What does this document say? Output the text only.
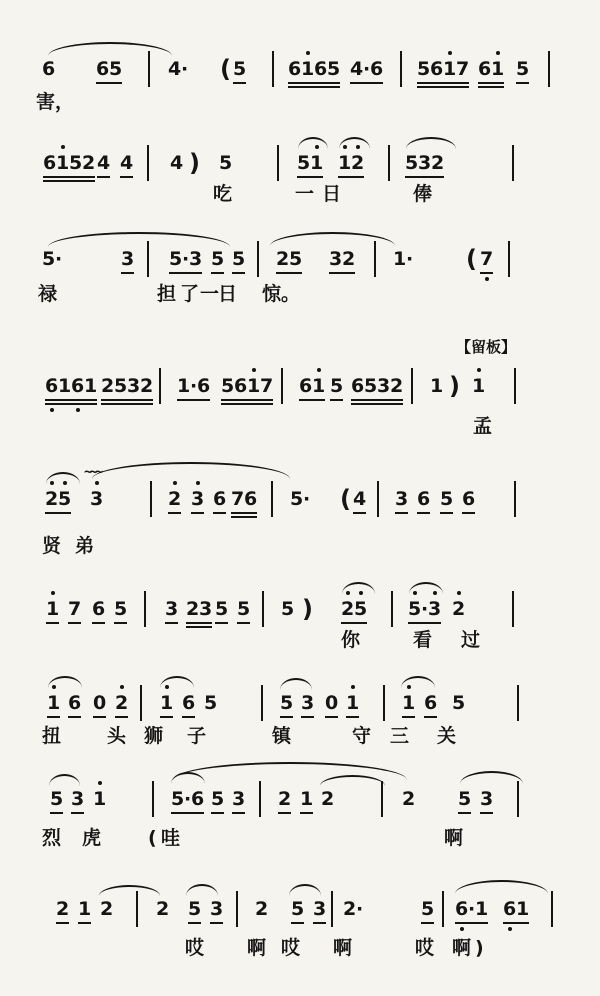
【留板】
6 6 5 4 · ( 5 6 1 6 5 4 · 6 5 6 1 7 6 1 5
害，
6 1 5 2 4 4 4 ) 5	5 1 1 2 5 3 2
吃	一 日	俸
5 ·	3 5 · 3 5 5 2 5 3 2 1 · ( 7
禄	担 了 一
日 惊。
6 1 6 1 2 5 3 2 1 · 6 5 6 1 7 6 1 5 6 5 3 2 1 ) 1
孟
2 5 3	2 3 6 7 6 5 · ( 4 3 6 5 6
贤 弟
~~~
1 7 6 5 3 2 3 5 5 5 ) 2 5 5 · 3 2
你	看 过
1 6 0 2 1 6 5	5 3 0 1 1 6 5
扭 头 狮 子	镇	守 三 关
5 3 1	5 · 6 5 3 2 1 2	2 5 3
烈 虎 ( 哇	啊
2 1 2 2 5 3 2 5 3 2 ·	5 6 · 1 6 1
哎 啊 哎 啊	哎 啊 )
